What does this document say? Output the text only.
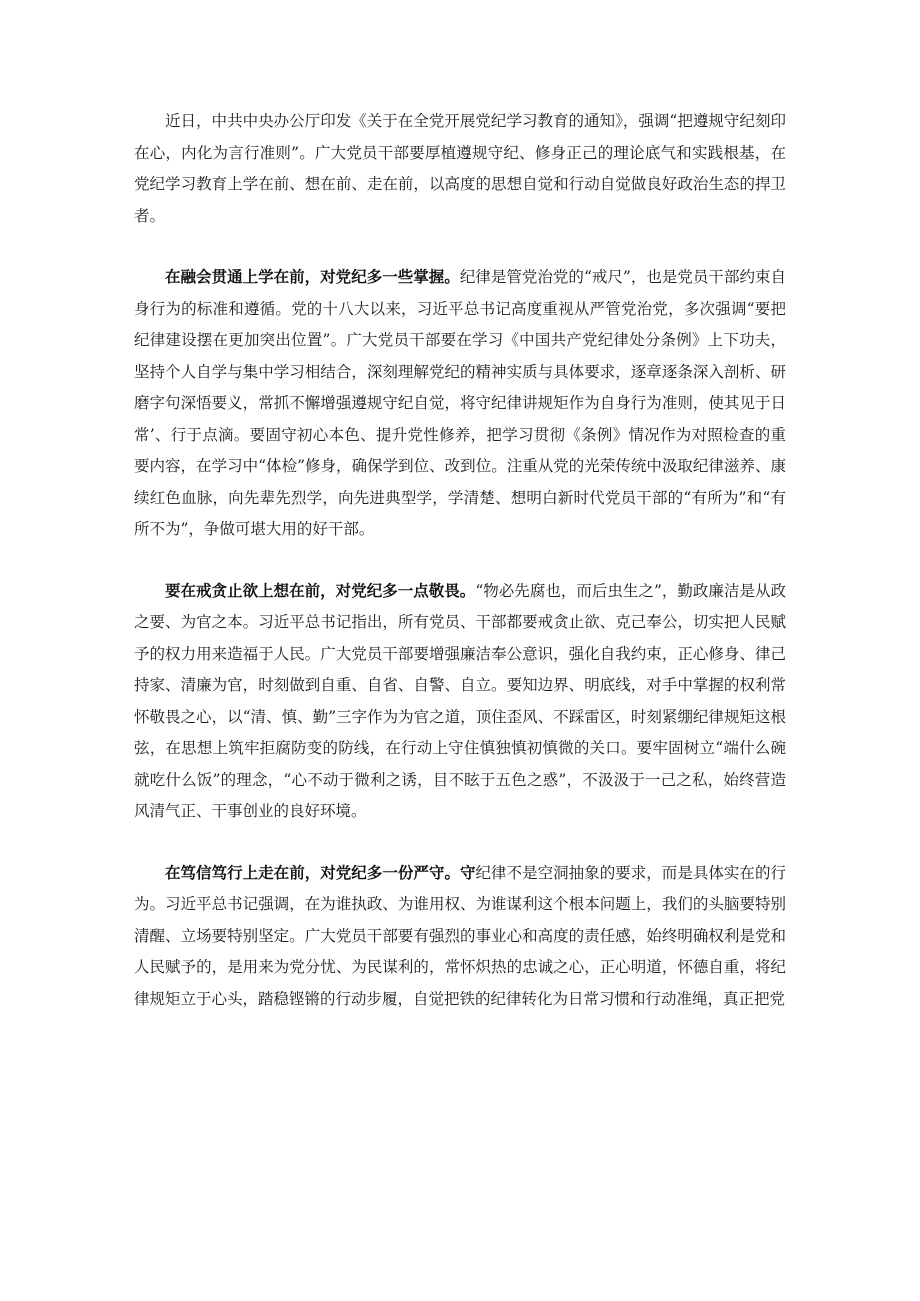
近日，中共中央办公厅印发《关于在全党开展党纪学习教育的通知》，强调“把遵规守纪刻印在心，内化为言行准则”。广大党员干部要厚植遵规守纪、修身正己的理论底气和实践根基，在党纪学习教育上学在前、想在前、走在前，以高度的思想自觉和行动自觉做良好政治生态的捍卫者。

在融会贯通上学在前，对党纪多一些掌握。纪律是管党治党的“戒尺”，也是党员干部约束自身行为的标准和遵循。党的十八大以来，习近平总书记高度重视从严管党治党，多次强调“要把纪律建设摆在更加突出位置”。广大党员干部要在学习《中国共产党纪律处分条例》上下功夫，坚持个人自学与集中学习相结合，深刻理解党纪的精神实质与具体要求，逐章逐条深入剖析、研磨字句深悟要义，常抓不懈增强遵规守纪自觉，将守纪律讲规矩作为自身行为准则，使其见于日常’、行于点滴。要固守初心本色、提升党性修养，把学习贯彻《条例》情况作为对照检查的重要内容，在学习中“体检”修身，确保学到位、改到位。注重从党的光荣传统中汲取纪律滋养、康续红色血脉，向先辈先烈学，向先进典型学，学清楚、想明白新时代党员干部的“有所为”和“有所不为”，争做可堪大用的好干部。

要在戒贪止欲上想在前，对党纪多一点敬畏。“物必先腐也，而后虫生之”，勤政廉洁是从政之要、为官之本。习近平总书记指出，所有党员、干部都要戒贪止欲、克己奉公，切实把人民赋予的权力用来造福于人民。广大党员干部要增强廉洁奉公意识，强化自我约束，正心修身、律己持家、清廉为官，时刻做到自重、自省、自警、自立。要知边界、明底线，对手中掌握的权利常怀敬畏之心，以“清、慎、勤”三字作为为官之道，顶住歪风、不踩雷区，时刻紧绷纪律规矩这根弦，在思想上筑牢拒腐防变的防线，在行动上守住慎独慎初慎微的关口。要牢固树立“端什么碗就吃什么饭”的理念，“心不动于微利之诱，目不眩于五色之惑”，不汲汲于一己之私，始终营造风清气正、干事创业的良好环境。

在笃信笃行上走在前，对党纪多一份严守。守纪律不是空洞抽象的要求，而是具体实在的行为。习近平总书记强调，在为谁执政、为谁用权、为谁谋利这个根本问题上，我们的头脑要特别清醒、立场要特别坚定。广大党员干部要有强烈的事业心和高度的责任感，始终明确权利是党和人民赋予的，是用来为党分忧、为民谋利的，常怀炽热的忠诚之心，正心明道，怀德自重，将纪律规矩立于心头，踏稳铿锵的行动步履，自觉把铁的纪律转化为日常习惯和行动准绳，真正把党
